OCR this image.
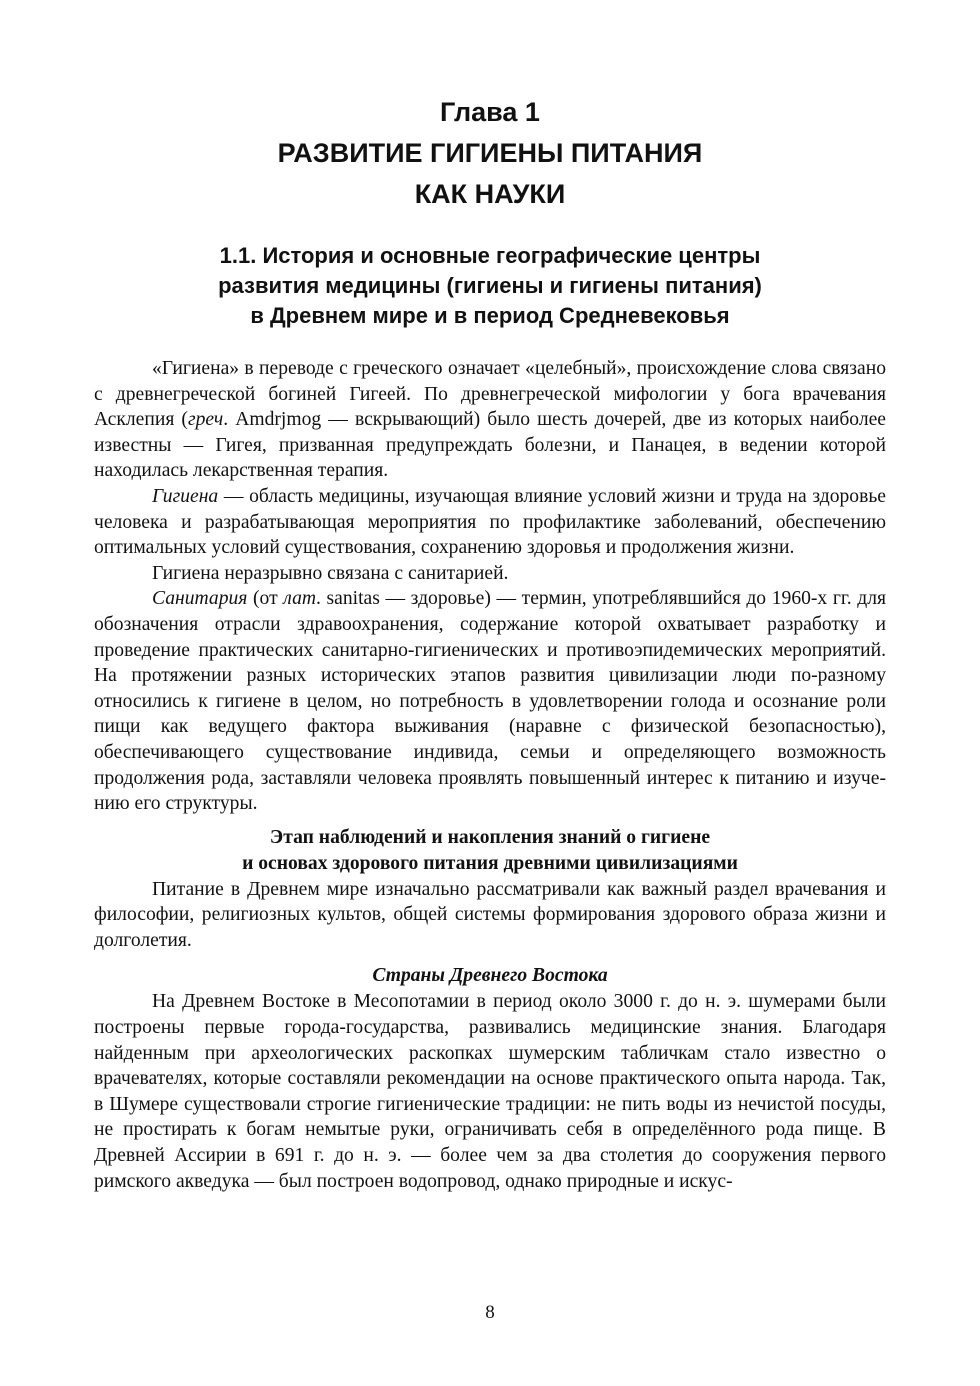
Глава 1
РАЗВИТИЕ ГИГИЕНЫ ПИТАНИЯ
КАК НАУКИ
1.1. История и основные географические центры
развития медицины (гигиены и гигиены питания)
в Древнем мире и в период Средневековья

«Гигиена» в переводе с греческого означает «целебный», происхождение слова связано с древнегреческой богиней Гигеей. По древнегреческой мифологии у бога врачевания Асклепия (греч. Amdrjmog — вскрывающий) было шесть дочерей, две из которых наиболее известны — Гигея, призванная предупреждать болезни, и Панацея, в ведении которой находилась лекарственная терапия.

Гигиена — область медицины, изучающая влияние условий жизни и труда на здоровье человека и разрабатывающая мероприятия по профилактике заболеваний, обеспечению оптимальных условий существования, сохранению здоровья и продолжения жизни.

Гигиена неразрывно связана с санитарией.

Санитария (от лат. sanitas — здоровье) — термин, употреблявшийся до 1960-х гг. для обозначения отрасли здравоохранения, содержание которой охватывает разработку и проведение практических санитарно-гигиенических и противоэпидемических мероприятий. На протяжении разных исторических этапов развития цивилизации люди по-разному относились к гигиене в целом, но потребность в удовлетворении голода и осознание роли пищи как ведущего фактора выживания (наравне с физической безопасностью), обеспечивающего существование индивида, семьи и определяющего возможность продолжения рода, заставляли человека проявлять повышенный интерес к питанию и изучению его структуры.

Этап наблюдений и накопления знаний о гигиене
и основах здорового питания древними цивилизациями

Питание в Древнем мире изначально рассматривали как важный раздел врачевания и философии, религиозных культов, общей системы формирования здорового образа жизни и долголетия.

Страны Древнего Востока

На Древнем Востоке в Месопотамии в период около 3000 г. до н. э. шумерами были построены первые города-государства, развивались медицинские знания. Благодаря найденным при археологических раскопках шумерским табличкам стало известно о врачевателях, которые составляли рекомендации на основе практического опыта народа. Так, в Шумере существовали строгие гигиенические традиции: не пить воды из нечистой посуды, не простирать к богам немытые руки, ограничивать себя в определённого рода пище. В Древней Ассирии в 691 г. до н. э. — более чем за два столетия до сооружения первого римского акведука — был построен водопровод, однако природные и искус-

8
